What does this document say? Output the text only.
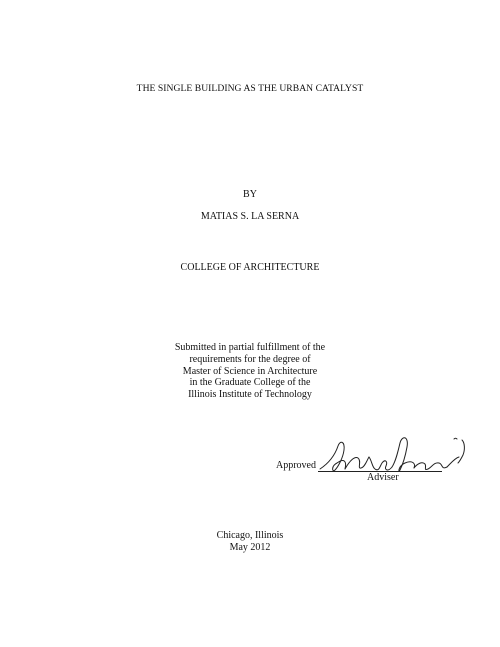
THE SINGLE BUILDING AS THE URBAN CATALYST
BY
MATIAS S. LA SERNA
COLLEGE OF ARCHITECTURE
Submitted in partial fulfillment of the
requirements for the degree of
Master of Science in Architecture
in the Graduate College of the
Illinois Institute of Technology
Approved
Adviser
Chicago, Illinois
May 2012
